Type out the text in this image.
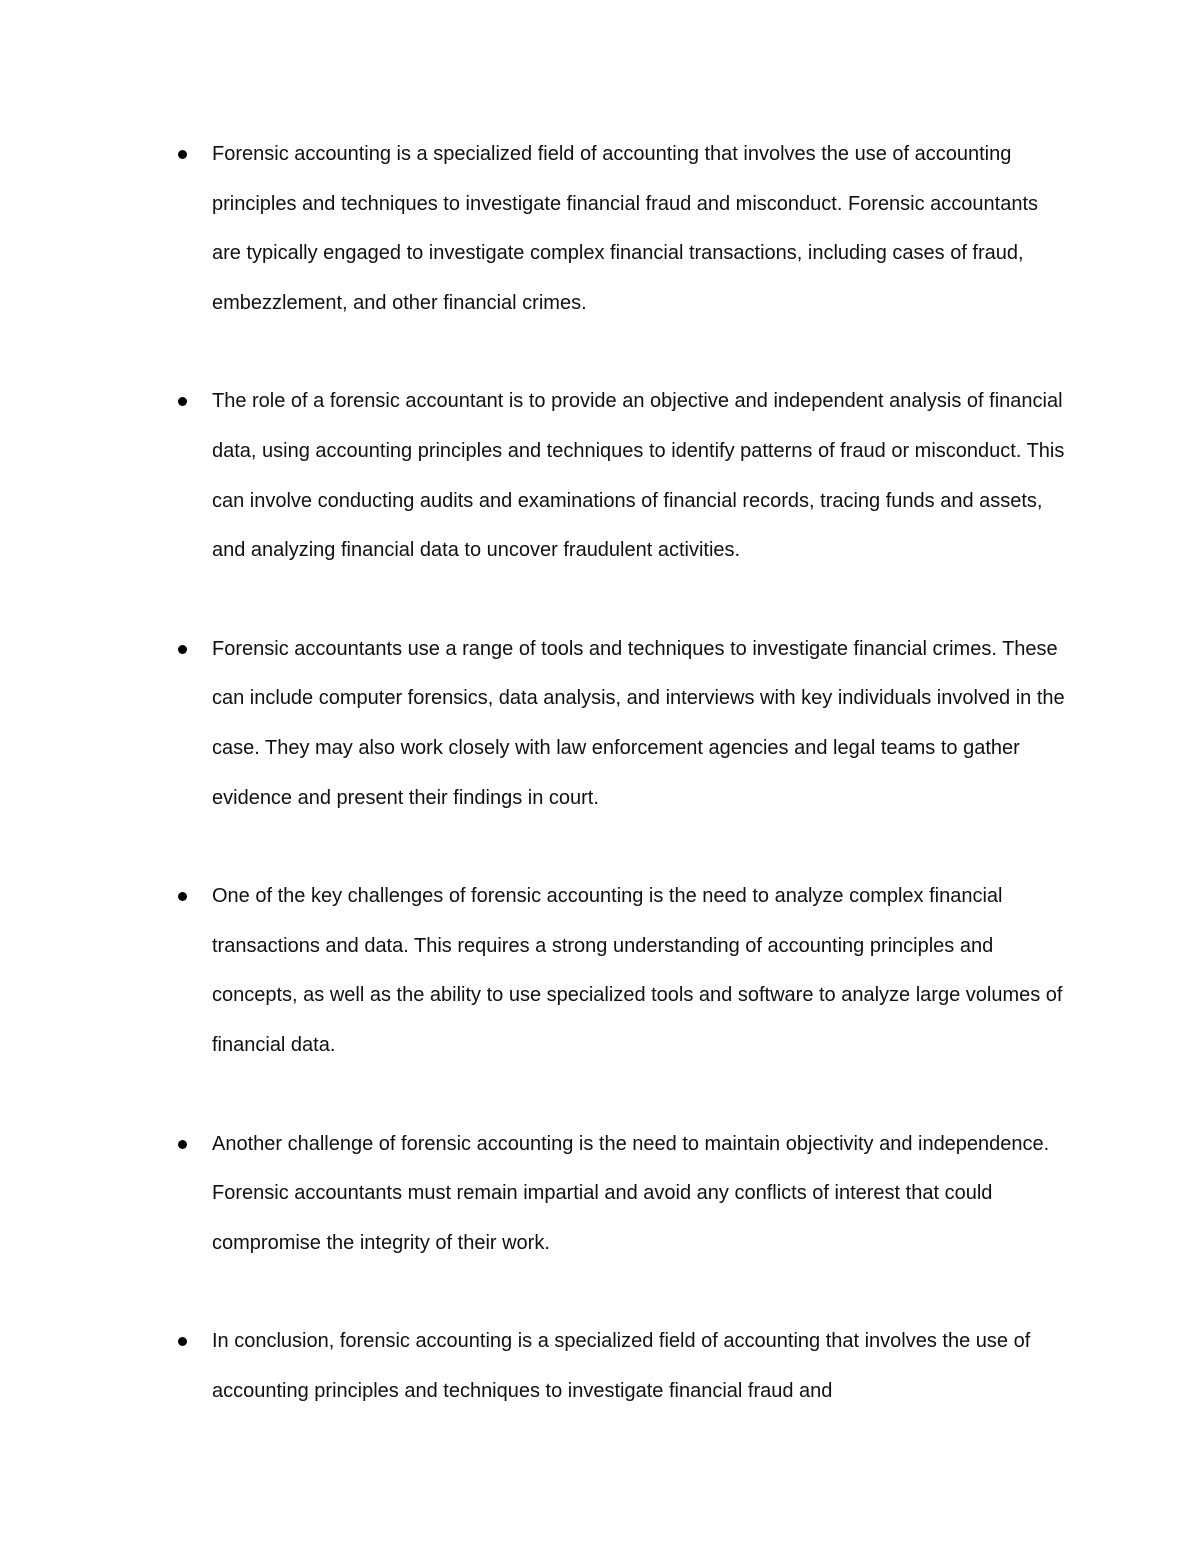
Forensic accounting is a specialized field of accounting that involves the use of accounting principles and techniques to investigate financial fraud and misconduct. Forensic accountants are typically engaged to investigate complex financial transactions, including cases of fraud, embezzlement, and other financial crimes.
The role of a forensic accountant is to provide an objective and independent analysis of financial data, using accounting principles and techniques to identify patterns of fraud or misconduct. This can involve conducting audits and examinations of financial records, tracing funds and assets, and analyzing financial data to uncover fraudulent activities.
Forensic accountants use a range of tools and techniques to investigate financial crimes. These can include computer forensics, data analysis, and interviews with key individuals involved in the case. They may also work closely with law enforcement agencies and legal teams to gather evidence and present their findings in court.
One of the key challenges of forensic accounting is the need to analyze complex financial transactions and data. This requires a strong understanding of accounting principles and concepts, as well as the ability to use specialized tools and software to analyze large volumes of financial data.
Another challenge of forensic accounting is the need to maintain objectivity and independence. Forensic accountants must remain impartial and avoid any conflicts of interest that could compromise the integrity of their work.
In conclusion, forensic accounting is a specialized field of accounting that involves the use of accounting principles and techniques to investigate financial fraud and
